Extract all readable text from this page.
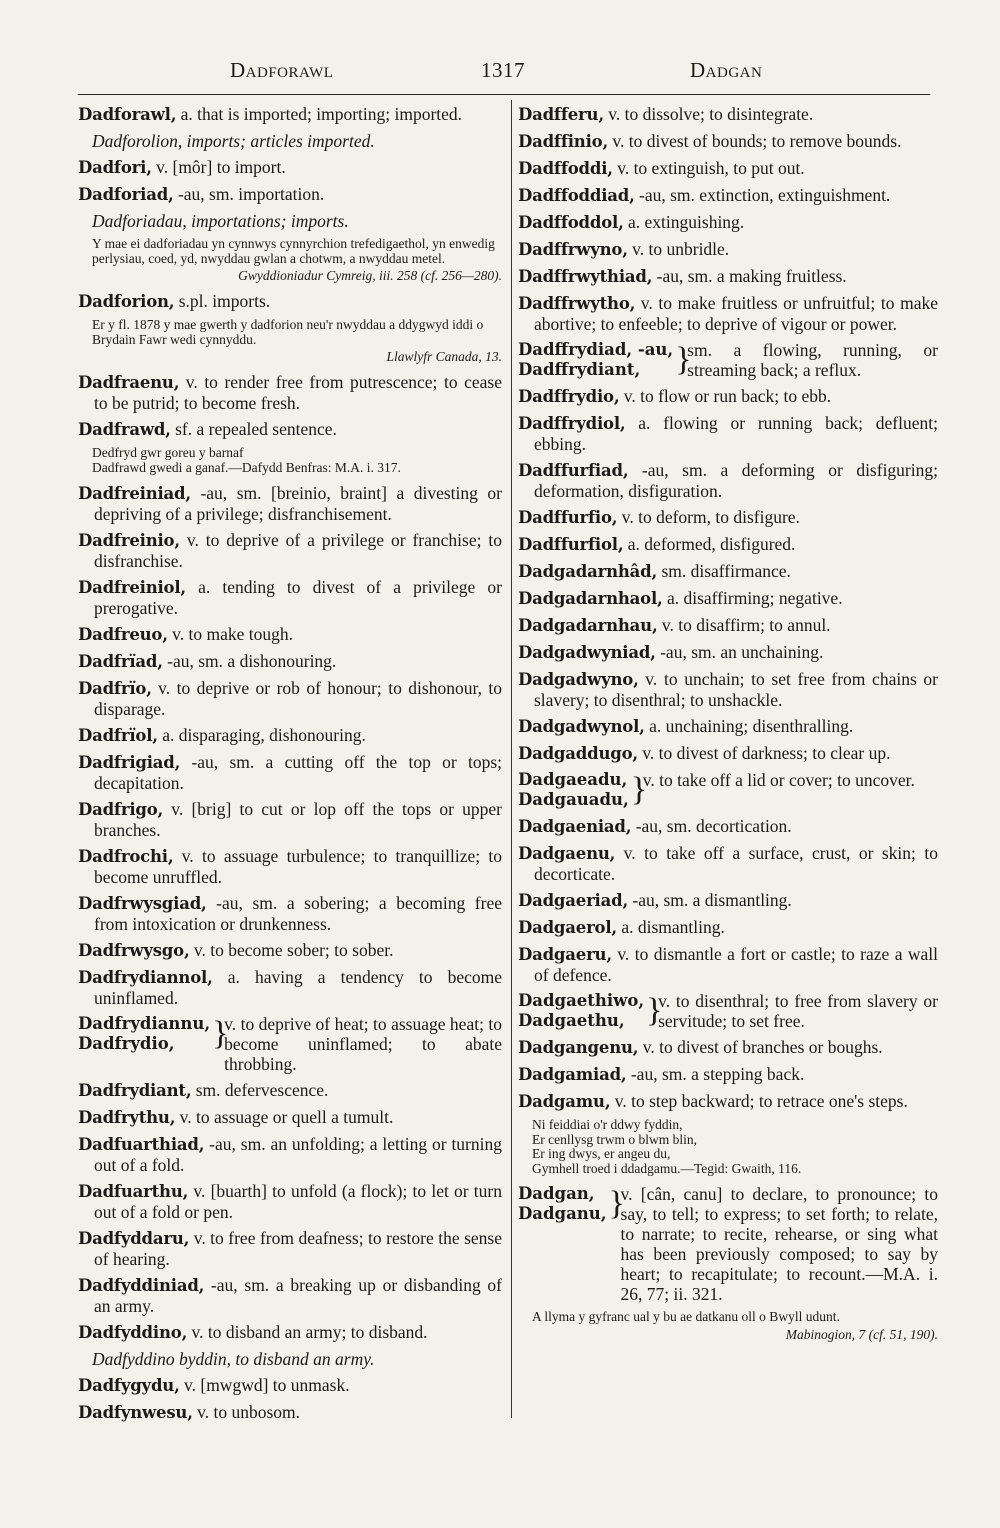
Dadforawl	1317	Dadgan
Dadforawl, a. that is imported; importing; imported.
Dadforolion, imports; articles imported.
Dadfori, v. [môr] to import.
Dadforiad, -au, sm. importation.
Dadforiadau, importations; imports.
Y mae ei dadforiadau yn cynnwys cynnyrchion trefedigaethol, yn enwedig perlysiau, coed, yd, nwyddau gwlan a chotwm, a nwyddau metel.
Gwyddioniadur Cymreig, iii. 258 (cf. 256—280).
Dadforion, s.pl. imports.
Er y fl. 1878 y mae gwerth y dadforion neu'r nwyddau a ddygwyd iddi o Brydain Fawr wedi cynnyddu.
Llawlyfr Canada, 13.
Dadfraenu, v. to render free from putrescence; to cease to be putrid; to become fresh.
Dadfrawd, sf. a repealed sentence.
Dedfryd gwr goreu y barnaf
Dadfrawd gwedi a ganaf.—Dafydd Benfras: M.A. i. 317.
Dadfreiniad, -au, sm. [breinio, braint] a divesting or depriving of a privilege; disfranchisement.
Dadfreinio, v. to deprive of a privilege or franchise; to disfranchise.
Dadfreiniol, a. tending to divest of a privilege or prerogative.
Dadfreuo, v. to make tough.
Dadfrïad, -au, sm. a dishonouring.
Dadfrïo, v. to deprive or rob of honour; to dishonour, to disparage.
Dadfrïol, a. disparaging, dishonouring.
Dadfrigiad, -au, sm. a cutting off the top or tops; decapitation.
Dadfrigo, v. [brig] to cut or lop off the tops or upper branches.
Dadfrochi, v. to assuage turbulence; to tranquillize; to become unruffled.
Dadfrwysgiad, -au, sm. a sobering; a becoming free from intoxication or drunkenness.
Dadfrwysgo, v. to become sober; to sober.
Dadfrydiannol, a. having a tendency to become uninflamed.
Dadfrydiannu,
Dadfrydio,	}
v. to deprive of heat; to assuage heat; to become uninflamed; to abate throbbing.
Dadfrydiant, sm. defervescence.
Dadfrythu, v. to assuage or quell a tumult.
Dadfuarthiad, -au, sm. an unfolding; a letting or turning out of a fold.
Dadfuarthu, v. [buarth] to unfold (a flock); to let or turn out of a fold or pen.
Dadfyddaru, v. to free from deafness; to restore the sense of hearing.
Dadfyddiniad, -au, sm. a breaking up or disbanding of an army.
Dadfyddino, v. to disband an army; to disband.
Dadfyddino byddin, to disband an army.
Dadfygydu, v. [mwgwd] to unmask.
Dadfynwesu, v. to unbosom.
Dadfferu, v. to dissolve; to disintegrate.
Dadffinio, v. to divest of bounds; to remove bounds.
Dadffoddi, v. to extinguish, to put out.
Dadffoddiad, -au, sm. extinction, extinguishment.
Dadffoddol, a. extinguishing.
Dadffrwyno, v. to unbridle.
Dadffrwythiad, -au, sm. a making fruitless.
Dadffrwytho, v. to make fruitless or unfruitful; to make abortive; to enfeeble; to deprive of vigour or power.
Dadffrydiad, -au,
Dadffrydiant,	}
sm. a flowing, running, or streaming back; a reflux.
Dadffrydio, v. to flow or run back; to ebb.
Dadffrydiol, a. flowing or running back; defluent; ebbing.
Dadffurfiad, -au, sm. a deforming or disfiguring; deformation, disfiguration.
Dadffurfio, v. to deform, to disfigure.
Dadffurfiol, a. deformed, disfigured.
Dadgadarnhâd, sm. disaffirmance.
Dadgadarnhaol, a. disaffirming; negative.
Dadgadarnhau, v. to disaffirm; to annul.
Dadgadwyniad, -au, sm. an unchaining.
Dadgadwyno, v. to unchain; to set free from chains or slavery; to disenthral; to unshackle.
Dadgadwynol, a. unchaining; disenthralling.
Dadgaddugo, v. to divest of darkness; to clear up.
Dadgaeadu,
Dadgauadu, }
v. to take off a lid or cover; to uncover.
Dadgaeniad, -au, sm. decortication.
Dadgaenu, v. to take off a surface, crust, or skin; to decorticate.
Dadgaeriad, -au, sm. a dismantling.
Dadgaerol, a. dismantling.
Dadgaeru, v. to dismantle a fort or castle; to raze a wall of defence.
Dadgaethiwo,
Dadgaethu, }
v. to disenthral; to free from slavery or servitude; to set free.
Dadgangenu, v. to divest of branches or boughs.
Dadgamiad, -au, sm. a stepping back.
Dadgamu, v. to step backward; to retrace one's steps.
Ni feiddiai o'r ddwy fyddin,
Er cenllysg trwm o blwm blin,
Er ing dwys, er angeu du,
Gymhell troed i ddadgamu.—Tegid: Gwaith, 116.
Dadgan,
Dadganu, }
v. [cân, canu] to declare, to pronounce; to say, to tell; to express; to set forth; to relate, to narrate; to recite, rehearse, or sing what has been previously composed; to say by heart; to recapitulate; to recount.—M.A. i. 26, 77; ii. 321.
A llyma y gyfranc ual y bu ae datkanu oll o Bwyll udunt.
Mabinogion, 7 (cf. 51, 190).
